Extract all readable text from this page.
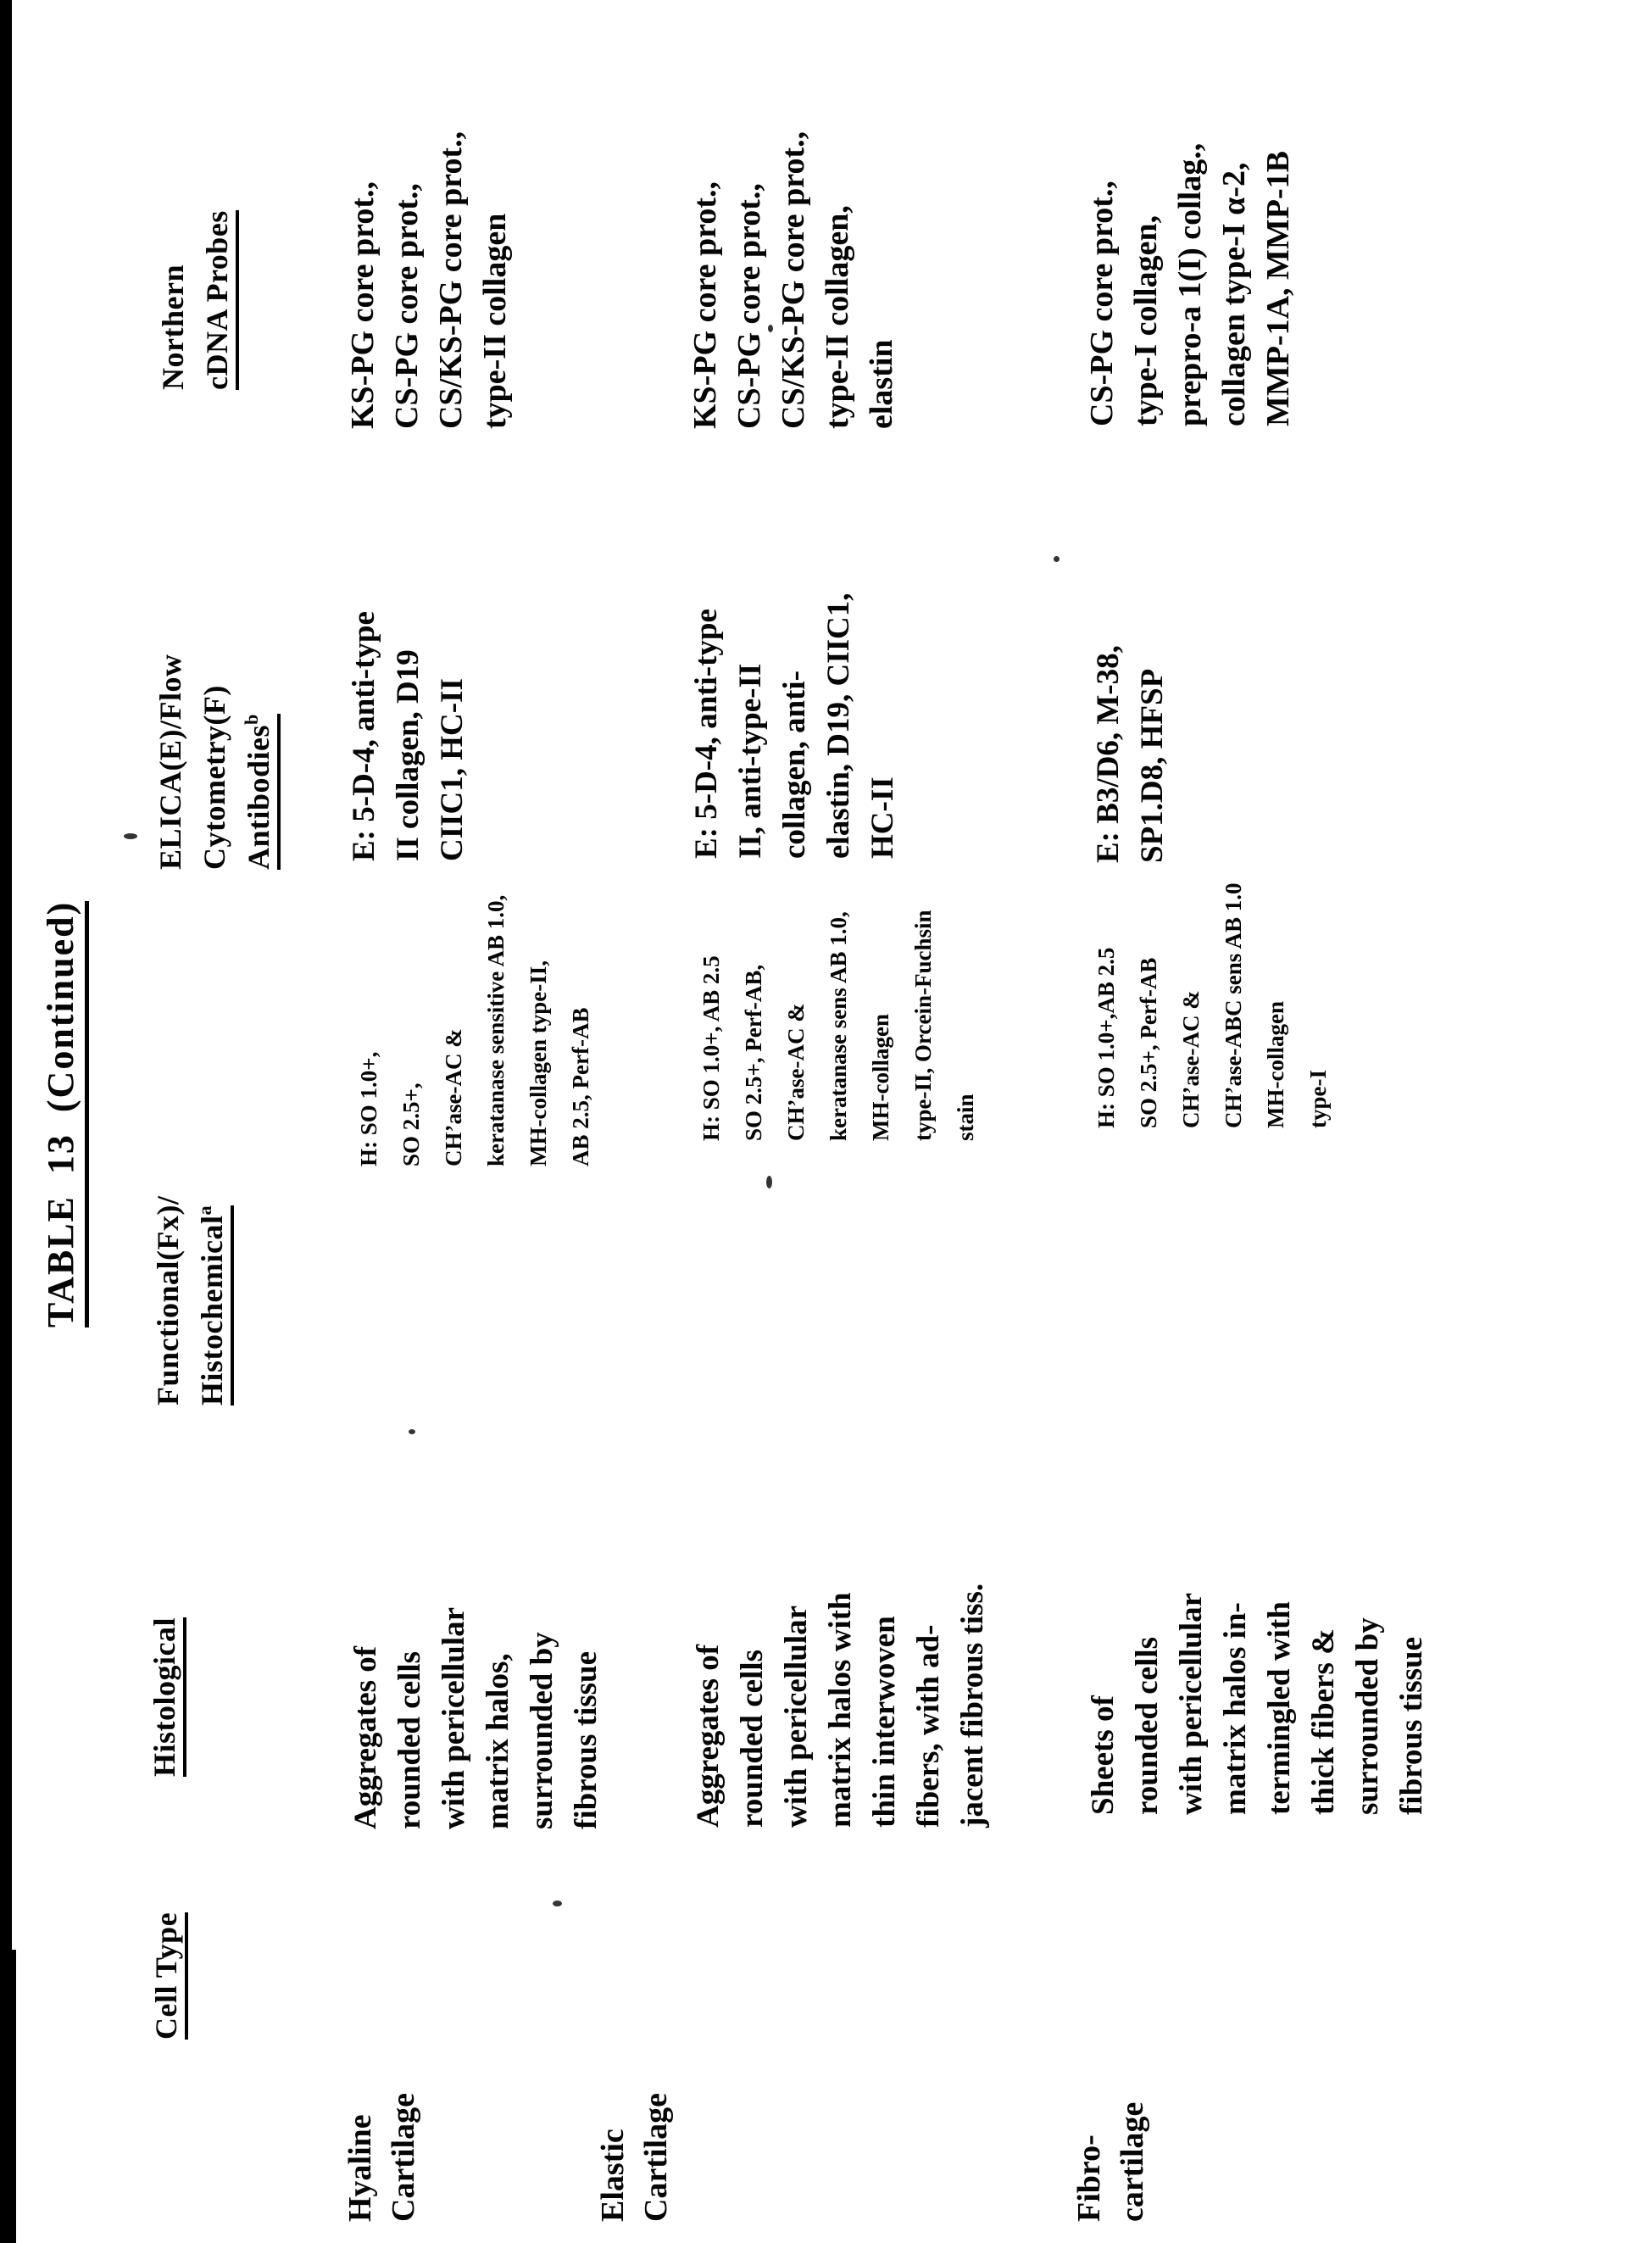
TABLE 13 (Continued)
Cell Type
Histological
Functional(Fx)/ Histochemical$^a$
ELICA(E)/Flow Cytometry(F) Antibodies$^b$
Northern cDNA Probes
Hyaline Cartilage
Aggregates of rounded cells with pericellular matrix halos, surrounded by fibrous tissue
H: SO 1.0+, SO 2.5+, CH’ase-AC & keratanase sensitive AB 1.0, MH-collagen type-II, AB 2.5, Perf-AB
E: 5-D-4, anti-type II collagen, D19 CIIC1, HC-II
KS-PG core prot., CS-PG core prot., CS/KS-PG core prot., type-II collagen
Elastic Cartilage
Aggregates of rounded cells with pericellular matrix halos with thin interwoven fibers, with ad- jacent fibrous tiss.
H: SO 1.0+, AB 2.5 SO 2.5+, Perf-AB, CH’ase-AC & keratanase sens AB 1.0, MH-collagen type-II, Orcein-Fuchsin stain
E: 5-D-4, anti-type II, anti-type-II collagen, anti- elastin, D19, CIIC1, HC-II
KS-PG core prot., CS-PG core prot., CS/KS-PG core prot., type-II collagen, elastin
Fibro- cartilage
Sheets of rounded cells with pericellular matrix halos in- termingled with thick fibers & surrounded by fibrous tissue
H: SO 1.0+,AB 2.5 SO 2.5+, Perf-AB CH’ase-AC & CH’ase-ABC sens AB 1.0 MH-collagen type-I
E: B3/D6, M-38, SP1.D8, HFSP
CS-PG core prot., type-I collagen, prepro-a 1(I) collag., collagen type-I α-2, MMP-1A, MMP-1B
